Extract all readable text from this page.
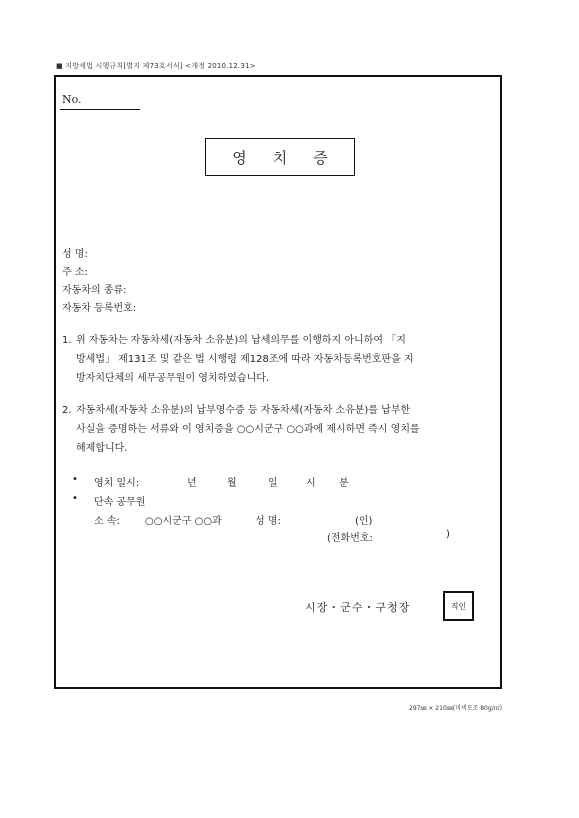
■ 지방세법 시행규칙[별지 제73호서식] <개정 2010.12.31>
No.
영치증
성 명:
주 소:
자동차의 종류:
자동차 등록번호:
1. 위 자동차는 자동차세(자동차 소유분)의 납세의무를 이행하지 아니하여 「지
방세법」 제131조 및 같은 법 시행령 제128조에 따라 자동차등록번호판을 지
방자치단체의 세무공무원이 영치하였습니다.
2. 자동차세(자동차 소유분)의 납부영수증 등 자동차세(자동차 소유분)를 납부한
사실을 증명하는 서류와 이 영치증을 ○○시군구 ○○과에 제시하면 즉시 영치를
해제합니다.
• 영치 일시:	년	월	일	시 분
• 단속 공무원
소 속:	○○시군구 ○○과	성 명:	(인)
(전화번호:	)
시장・군수・구청장	직인
297㎜ × 210㎜(미색모조 80g/㎡)
